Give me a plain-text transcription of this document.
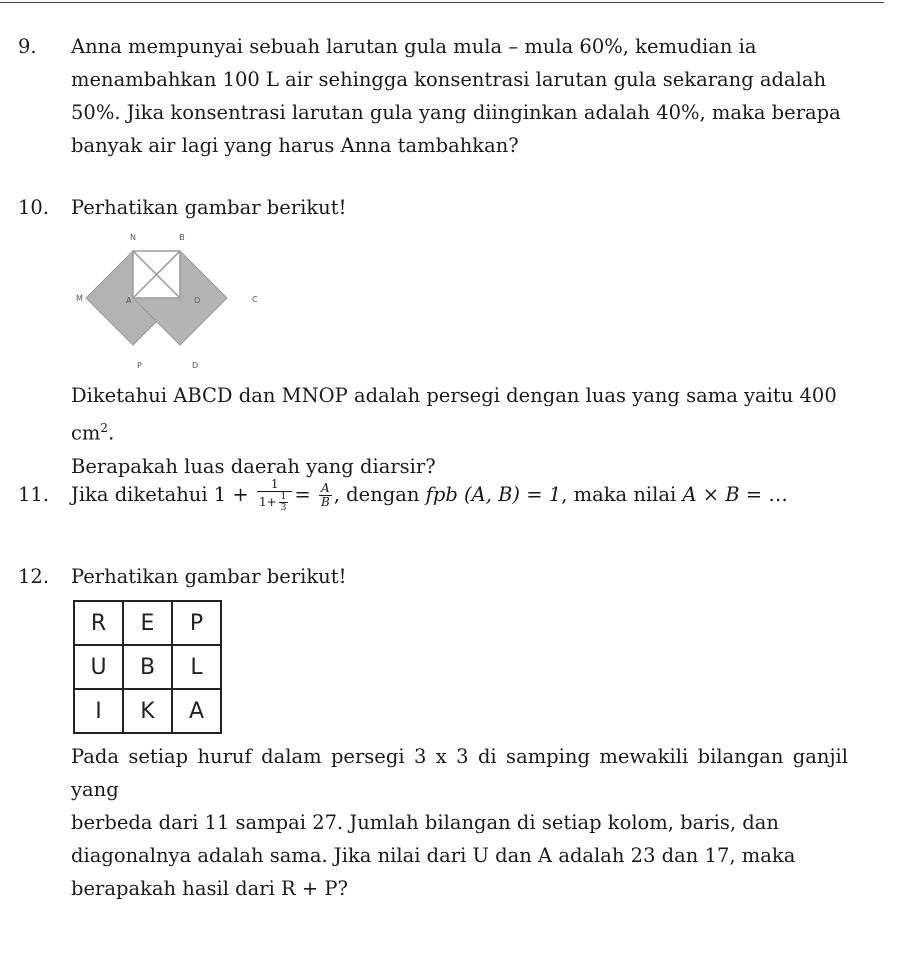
9. Anna mempunyai sebuah larutan gula mula – mula 60%, kemudian ia
menambahkan 100 L air sehingga konsentrasi larutan gula sekarang adalah
50%. Jika konsentrasi larutan gula yang diinginkan adalah 40%, maka berapa
banyak air lagi yang harus Anna tambahkan?
10. Perhatikan gambar berikut!
N	B
M	A	O	C
P	D
Diketahui ABCD dan MNOP adalah persegi dengan luas yang sama yaitu 400 $cm^2$.
Berapakah luas daerah yang diarsir?
11. Jika diketahui $1 + \frac{1}{1+ \frac{1}{3}} = \frac{A}{B}$ , dengan fpb (A, B) = 1, maka nilai A × B = …
12. Perhatikan gambar berikut!
R	E	P
U	B	L
I	K	A
Pada setiap huruf dalam persegi 3 x 3 di samping mewakili bilangan ganjil yang
berbeda dari 11 sampai 27. Jumlah bilangan di setiap kolom, baris, dan
diagonalnya adalah sama. Jika nilai dari U dan A adalah 23 dan 17, maka
berapakah hasil dari R + P?
